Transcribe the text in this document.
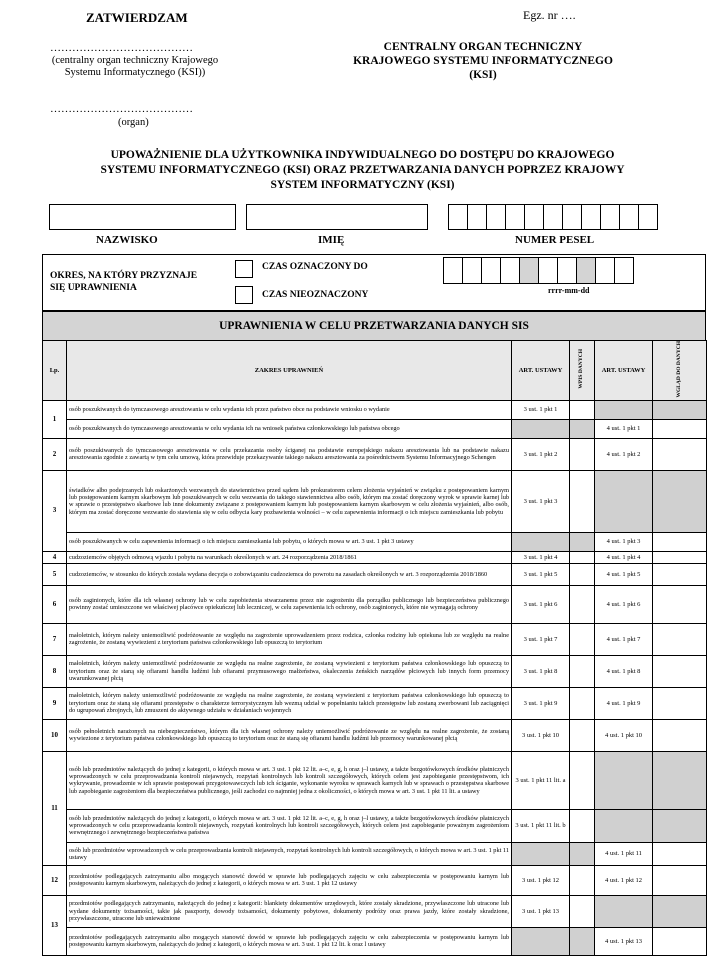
ZATWIERDZAM	Egz. nr ….
…………………………………
(centralny organ techniczny Krajowego
Systemu Informatycznego (KSI))
…………………………………
(organ)
CENTRALNY ORGAN TECHNICZNY
KRAJOWEGO SYSTEMU INFORMATYCZNEGO
(KSI)
UPOWAŻNIENIE DLA UŻYTKOWNIKA INDYWIDUALNEGO DO DOSTĘPU DO KRAJOWEGO
SYSTEMU INFORMATYCZNEGO (KSI) ORAZ PRZETWARZANIA DANYCH POPRZEZ KRAJOWY
SYSTEM INFORMATYCZNY (KSI)
NAZWISKO	IMIĘ	NUMER PESEL
OKRES, NA KTÓRY PRZYZNAJE
SIĘ UPRAWNIENIA
CZAS OZNACZONY DO
CZAS NIEOZNACZONY	rrrr-mm-dd
UPRAWNIENIA W CELU PRZETWARZANIA DANYCH SIS
Lp.	ZAKRES UPRAWNIEŃ	ART. USTAWY	WPIS DANYCH	ART. USTAWY	WGLĄD DO DANYCH
1	osób poszukiwanych do tymczasowego aresztowania w celu wydania ich przez państwo obce na podstawie wniosku o wydanie	3 ust. 1 pkt 1			
	osób poszukiwanych do tymczasowego aresztowania w celu wydania ich na wniosek państwa członkowskiego lub państwa obcego			4 ust. 1 pkt 1	
2	osób poszukiwanych do tymczasowego aresztowania w celu przekazania osoby ściganej na podstawie europejskiego nakazu aresztowania lub na podstawie nakazu aresztowania zgodnie z zawartą w tym celu umową, która przewiduje przekazywanie takiego nakazu aresztowania za pośrednictwem Systemu Informacyjnego Schengen	3 ust. 1 pkt 2		4 ust. 1 pkt 2	
3	świadków albo podejrzanych lub oskarżonych wezwanych do stawiennictwa przed sądem lub prokuratorem celem złożenia wyjaśnień w związku z postępowaniem karnym lub postępowaniem karnym skarbowym lub poszukiwanych w celu wezwania do takiego stawiennictwa albo osób, którym ma zostać doręczony wyrok w sprawie karnej lub w sprawie o przestępstwo skarbowe lub inne dokumenty związane z postępowaniem karnym lub postępowaniem karnym skarbowym w celu złożenia wyjaśnień, albo osób, którym ma zostać doręczone wezwanie do stawienia się w celu odbycia kary pozbawienia wolności – w celu zapewnienia informacji o ich miejscu zamieszkania lub pobytu	3 ust. 1 pkt 3			
	osób poszukiwanych w celu zapewnienia informacji o ich miejscu zamieszkania lub pobytu, o których mowa w art. 3 ust. 1 pkt 3 ustawy			4 ust. 1 pkt 3	
4	cudzoziemców objętych odmową wjazdu i pobytu na warunkach określonych w art. 24 rozporządzenia 2018/1861	3 ust. 1 pkt 4		4 ust. 1 pkt 4	
5	cudzoziemców, w stosunku do których została wydana decyzja o zobowiązaniu cudzoziemca do powrotu na zasadach określonych w art. 3 rozporządzenia 2018/1860	3 ust. 1 pkt 5		4 ust. 1 pkt 5	
6	osób zaginionych, które dla ich własnej ochrony lub w celu zapobieżenia stwarzanemu przez nie zagrożeniu dla porządku publicznego lub bezpieczeństwa publicznego powinny zostać umieszczone we właściwej placówce opiekuńczej lub leczniczej, w celu zapewnienia ich ochrony, osób zaginionych, które nie wymagają ochrony	3 ust. 1 pkt 6		4 ust. 1 pkt 6	
7	małoletnich, którym należy uniemożliwić podróżowanie ze względu na zagrożenie uprowadzeniem przez rodzica, członka rodziny lub opiekuna lub ze względu na realne zagrożenie, że zostaną wywiezieni z terytorium państwa członkowskiego lub opuszczą to terytorium	3 ust. 1 pkt 7		4 ust. 1 pkt 7	
8	małoletnich, którym należy uniemożliwić podróżowanie ze względu na realne zagrożenie, że zostaną wywiezieni z terytorium państwa członkowskiego lub opuszczą to terytorium oraz że staną się ofiarami handlu ludźmi lub ofiarami przymusowego małżeństwa, okaleczenia żeńskich narządów płciowych lub innych form przemocy uwarunkowanej płcią	3 ust. 1 pkt 8		4 ust. 1 pkt 8	
9	małoletnich, którym należy uniemożliwić podróżowanie ze względu na realne zagrożenie, że zostaną wywiezieni z terytorium państwa członkowskiego lub opuszczą to terytorium oraz że staną się ofiarami przestępstw o charakterze terrorystycznym lub wezmą udział w popełnianiu takich przestępstw lub zostaną zwerbowani lub zaciągnięci do ugrupowań zbrojnych, lub zmuszeni do aktywnego udziału w działaniach wojennych	3 ust. 1 pkt 9		4 ust. 1 pkt 9	
10	osób pełnoletnich narażonych na niebezpieczeństwo, którym dla ich własnej ochrony należy uniemożliwić podróżowanie ze względu na realne zagrożenie, że zostaną wywiezione z terytorium państwa członkowskiego lub opuszczą to terytorium oraz że staną się ofiarami handlu ludźmi lub przemocy warunkowanej płcią	3 ust. 1 pkt 10		4 ust. 1 pkt 10	
11	osób lub przedmiotów należących do jednej z kategorii, o których mowa w art. 3 ust. 1 pkt 12 lit. a–c, e, g, h oraz j–l ustawy, a także bezgotówkowych środków płatniczych wprowadzonych w celu przeprowadzania kontroli niejawnych, rozpytań kontrolnych lub kontroli szczegółowych, których celem jest zapobieganie przestępstwom, ich wykrywanie, prowadzenie w ich sprawie postępowań przygotowawczych lub ich ściganie, wykonanie wyroku w sprawach karnych lub w sprawach o przestępstwa skarbowe lub zapobieganie zagrożeniom dla bezpieczeństwa publicznego, jeśli zachodzi co najmniej jedna z okoliczności, o których mowa w art. 3 ust. 1 pkt 11 lit. a ustawy	3 ust. 1 pkt 11 lit. a			
	osób lub przedmiotów należących do jednej z kategorii, o których mowa w art. 3 ust. 1 pkt 12 lit. a–c, e, g, h oraz j–l ustawy, a także bezgotówkowych środków płatniczych wprowadzonych w celu przeprowadzania kontroli niejawnych, rozpytań kontrolnych lub kontroli szczegółowych, których celem jest zapobieganie poważnym zagrożeniom wewnętrznego i zewnętrznego bezpieczeństwa państwa	3 ust. 1 pkt 11 lit. b			
	osób lub przedmiotów wprowadzonych w celu przeprowadzania kontroli niejawnych, rozpytań kontrolnych lub kontroli szczegółowych, o których mowa w art. 3 ust. 1 pkt 11 ustawy			4 ust. 1 pkt 11	
12	przedmiotów podlegających zatrzymaniu albo mogących stanowić dowód w sprawie lub podlegających zajęciu w celu zabezpieczenia w postępowaniu karnym lub postępowaniu karnym skarbowym, należących do jednej z kategorii, o których mowa w art. 3 ust. 1 pkt 12 ustawy	3 ust. 1 pkt 12		4 ust. 1 pkt 12	
13	przedmiotów podlegających zatrzymaniu, należących do jednej z kategorii: blankiety dokumentów urzędowych, które zostały skradzione, przywłaszczone lub utracone lub wydane dokumenty tożsamości, takie jak paszporty, dowody tożsamości, dokumenty pobytowe, dokumenty podróży oraz prawa jazdy, które zostały skradzione, przywłaszczone, utracone lub unieważnione	3 ust. 1 pkt 13			
	przedmiotów podlegających zatrzymaniu albo mogących stanowić dowód w sprawie lub podlegających zajęciu w celu zabezpieczenia w postępowaniu karnym lub postępowaniu karnym skarbowym, należących do jednej z kategorii, o których mowa w art. 3 ust. 1 pkt 12 lit. k oraz l ustawy			4 ust. 1 pkt 13	
